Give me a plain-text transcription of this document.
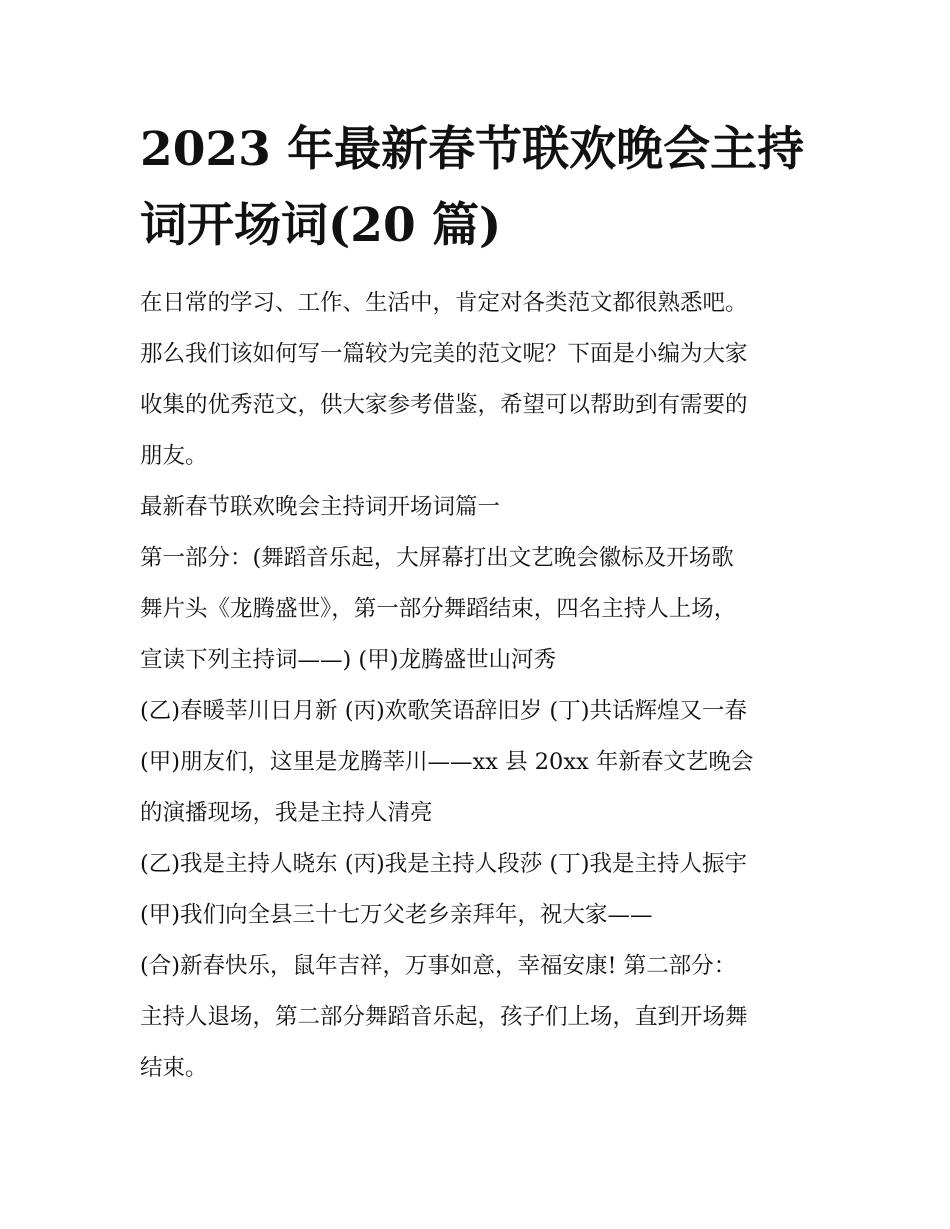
2023 年最新春节联欢晚会主持
词开场词(20 篇)

在日常的学习、工作、生活中，肯定对各类范文都很熟悉吧。

那么我们该如何写一篇较为完美的范文呢？下面是小编为大家

收集的优秀范文，供大家参考借鉴，希望可以帮助到有需要的

朋友。

最新春节联欢晚会主持词开场词篇一

第一部分：(舞蹈音乐起，大屏幕打出文艺晚会徽标及开场歌

舞片头《龙腾盛世》，第一部分舞蹈结束，四名主持人上场，

宣读下列主持词——) (甲)龙腾盛世山河秀

(乙)春暖莘川日月新 (丙)欢歌笑语辞旧岁 (丁)共话辉煌又一春

(甲)朋友们，这里是龙腾莘川——xx 县 20xx 年新春文艺晚会

的演播现场，我是主持人清亮

(乙)我是主持人晓东 (丙)我是主持人段莎 (丁)我是主持人振宇

(甲)我们向全县三十七万父老乡亲拜年，祝大家——

(合)新春快乐，鼠年吉祥，万事如意，幸福安康! 第二部分：

主持人退场，第二部分舞蹈音乐起，孩子们上场，直到开场舞

结束。
